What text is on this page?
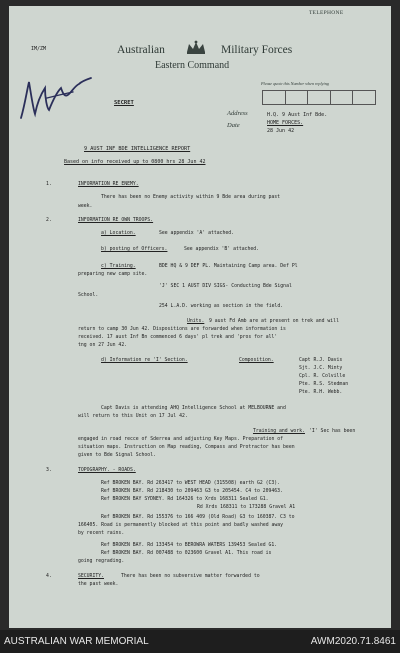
IM/ZM	Australian	Military Forces
Eastern Command
TELEPHONE
Please quote this Number when replying
SECRET
Address	H.Q. 9 Aust Inf Bde.
Date	HOME FORCES.
28 Jun 42
9 AUST INF BDE INTELLIGENCE REPORT
Based on info received up to 0800 hrs 28 Jun 42
1.	INFORMATION RE ENEMY.
There has been no Enemy activity within 9 Bde area during past
week.
2.	INFORMATION RE OWN TROOPS.
a) Location.	See appendix 'A' attached.
b) posting of Officers.	See appendix 'B' attached.
c) Training.	BDE HQ & 9 DEF PL. Maintaining Camp area. Def Pl
preparing new camp site.
'J' SEC 1 AUST DIV SIGS- Conducting Bde Signal
School.
254 L.A.D. working as section in the field.
Units. 9 aust Fd Amb are at present on trek and will
return to camp 30 Jun 42. Dispositions are forwarded when information is
received. 17 aust Inf Bn commenced 6 days' pl trek and 'pros for all'
tng on 27 Jun 42.
d) Information re 'I' Section.	Composition.	Capt R.J. Davis
Sjt. J.C. Minty
Cpl. R. Colville
Pte. R.S. Stedman
Pte. R.H. Webb.
Capt Davis is attending AHQ Intelligence School at MELBOURNE and
will return to this Unit on 17 Jul 42.
Training and work. 'I' Sec has been
engaged in road recce of Sderrea and adjusting Key Maps. Preparation of
situation maps. Instruction on Map reading, Compass and Protractor has been
given to Bde Signal School.
3.	TOPOGRAPHY. - ROADS.
Ref BROKEN BAY. Rd 263417 to WEST HEAD (315508) earth G2 (C3).
Ref BROKEN BAY. Rd 218430 to 209463 G3 to 205454. C4 to 209463.
Ref BROKEN BAY SYDNEY. Rd 164326 to Xrds 168311 Sealed G1.
Rd Xrds 168311 to 173288 Gravel A1
Ref BROKEN BAY. Rd 155376 to 166 409 (Old Road) G3 to 160387. C3 to
166405. Road is permanently blocked at this point and badly washed away
by recent rains.
Ref BROKEN BAY. Rd 133454 to BEROWRA WATERS 139453 Sealed G1.
Ref BROKEN BAY. Rd 007488 to 023600 Gravel A1. This road is
going regrading.
4.	SECURITY.	There has been no subversive matter forwarded to
the past week.
AUSTRALIAN WAR MEMORIAL	AWM2020.71.8461
